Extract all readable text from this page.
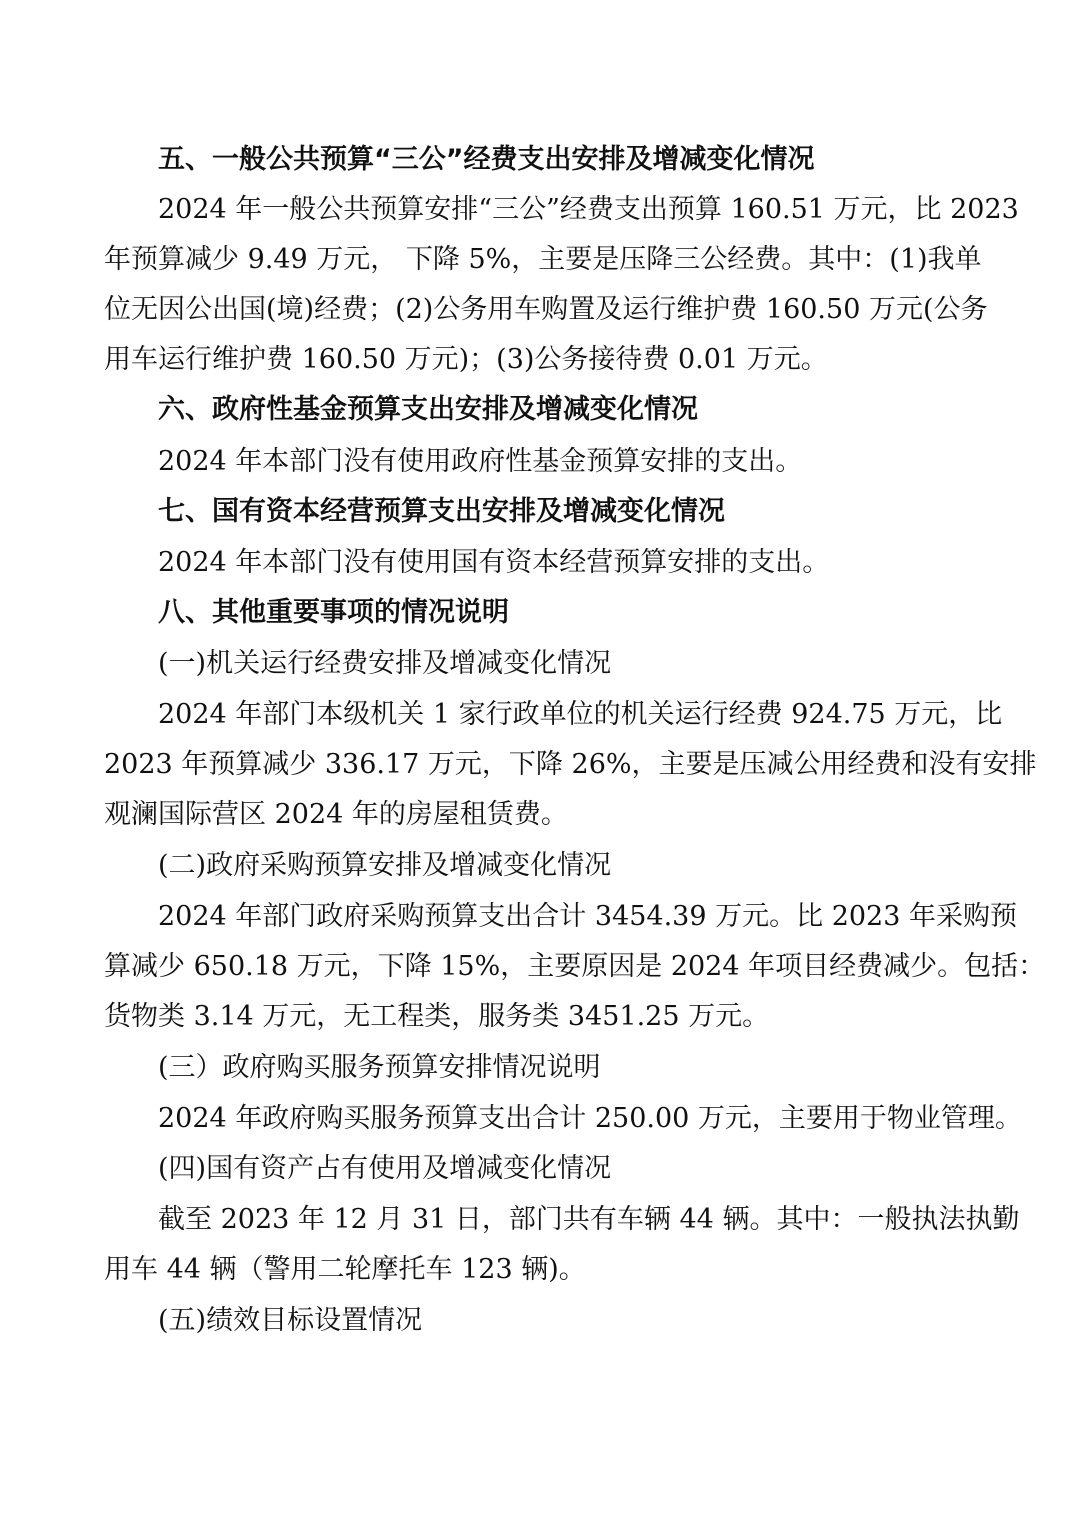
五、一般公共预算“三公”经费支出安排及增减变化情况
2024 年一般公共预算安排“三公”经费支出预算 160.51 万元，比 2023
年预算减少 9.49 万元， 下降 5%，主要是压降三公经费。其中：(1)我单
位无因公出国(境)经费；(2)公务用车购置及运行维护费 160.50 万元(公务
用车运行维护费 160.50 万元)；(3)公务接待费 0.01 万元。
六、政府性基金预算支出安排及增减变化情况
2024 年本部门没有使用政府性基金预算安排的支出。
七、国有资本经营预算支出安排及增减变化情况
2024 年本部门没有使用国有资本经营预算安排的支出。
八、其他重要事项的情况说明
(一)机关运行经费安排及增减变化情况
2024 年部门本级机关 1 家行政单位的机关运行经费 924.75 万元，比
2023 年预算减少 336.17 万元，下降 26%，主要是压减公用经费和没有安排
观澜国际营区 2024 年的房屋租赁费。
(二)政府采购预算安排及增减变化情况
2024 年部门政府采购预算支出合计 3454.39 万元。比 2023 年采购预
算减少 650.18 万元，下降 15%，主要原因是 2024 年项目经费减少。包括：
货物类 3.14 万元，无工程类，服务类 3451.25 万元。
(三）政府购买服务预算安排情况说明
2024 年政府购买服务预算支出合计 250.00 万元，主要用于物业管理。
(四)国有资产占有使用及增减变化情况
截至 2023 年 12 月 31 日，部门共有车辆 44 辆。其中：一般执法执勤
用车 44 辆（警用二轮摩托车 123 辆)。
(五)绩效目标设置情况
